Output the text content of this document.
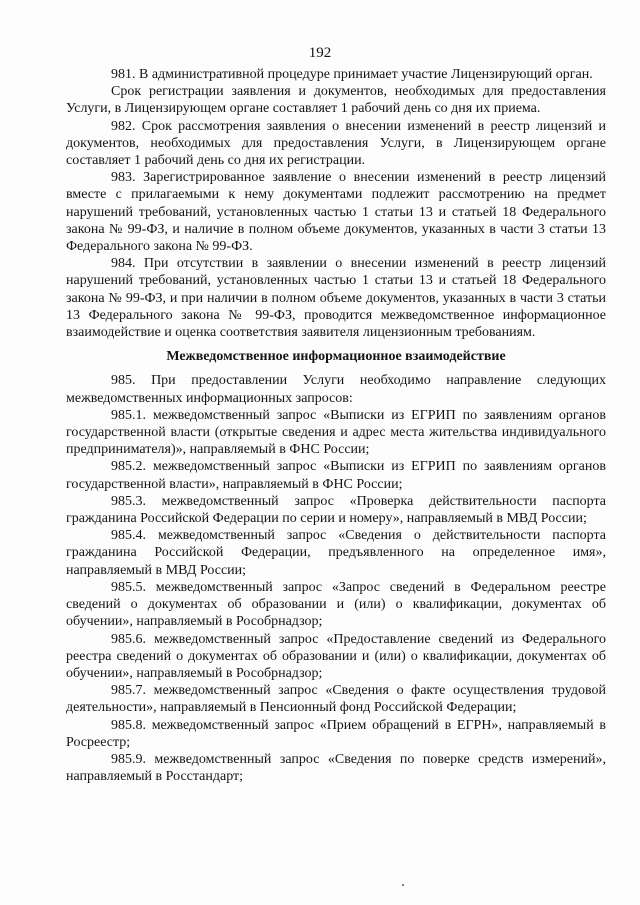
192

981. В административной процедуре принимает участие Лицензирующий орган.

Срок регистрации заявления и документов, необходимых для предоставления Услуги, в Лицензирующем органе составляет 1 рабочий день со дня их приема.

982. Срок рассмотрения заявления о внесении изменений в реестр лицензий и документов, необходимых для предоставления Услуги, в Лицензирующем органе составляет 1 рабочий день со дня их регистрации.

983. Зарегистрированное заявление о внесении изменений в реестр лицензий вместе с прилагаемыми к нему документами подлежит рассмотрению на предмет нарушений требований, установленных частью 1 статьи 13 и статьей 18 Федерального закона № 99-ФЗ, и наличие в полном объеме документов, указанных в части 3 статьи 13 Федерального закона № 99-ФЗ.

984. При отсутствии в заявлении о внесении изменений в реестр лицензий нарушений требований, установленных частью 1 статьи 13 и статьей 18 Федерального закона № 99-ФЗ, и при наличии в полном объеме документов, указанных в части 3 статьи 13 Федерального закона № 99-ФЗ, проводится межведомственное информационное взаимодействие и оценка соответствия заявителя лицензионным требованиям.

Межведомственное информационное взаимодействие

985. При предоставлении Услуги необходимо направление следующих межведомственных информационных запросов:

985.1. межведомственный запрос «Выписки из ЕГРИП по заявлениям органов государственной власти (открытые сведения и адрес места жительства индивидуального предпринимателя)», направляемый в ФНС России;

985.2. межведомственный запрос «Выписки из ЕГРИП по заявлениям органов государственной власти», направляемый в ФНС России;

985.3. межведомственный запрос «Проверка действительности паспорта гражданина Российской Федерации по серии и номеру», направляемый в МВД России;

985.4. межведомственный запрос «Сведения о действительности паспорта гражданина Российской Федерации, предъявленного на определенное имя», направляемый в МВД России;

985.5. межведомственный запрос «Запрос сведений в Федеральном реестре сведений о документах об образовании и (или) о квалификации, документах об обучении», направляемый в Рособрнадзор;

985.6. межведомственный запрос «Предоставление сведений из Федерального реестра сведений о документах об образовании и (или) о квалификации, документах об обучении», направляемый в Рособрнадзор;

985.7. межведомственный запрос «Сведения о факте осуществления трудовой деятельности», направляемый в Пенсионный фонд Российской Федерации;

985.8. межведомственный запрос «Прием обращений в ЕГРН», направляемый в Росреестр;

985.9. межведомственный запрос «Сведения по поверке средств измерений», направляемый в Росстандарт;
